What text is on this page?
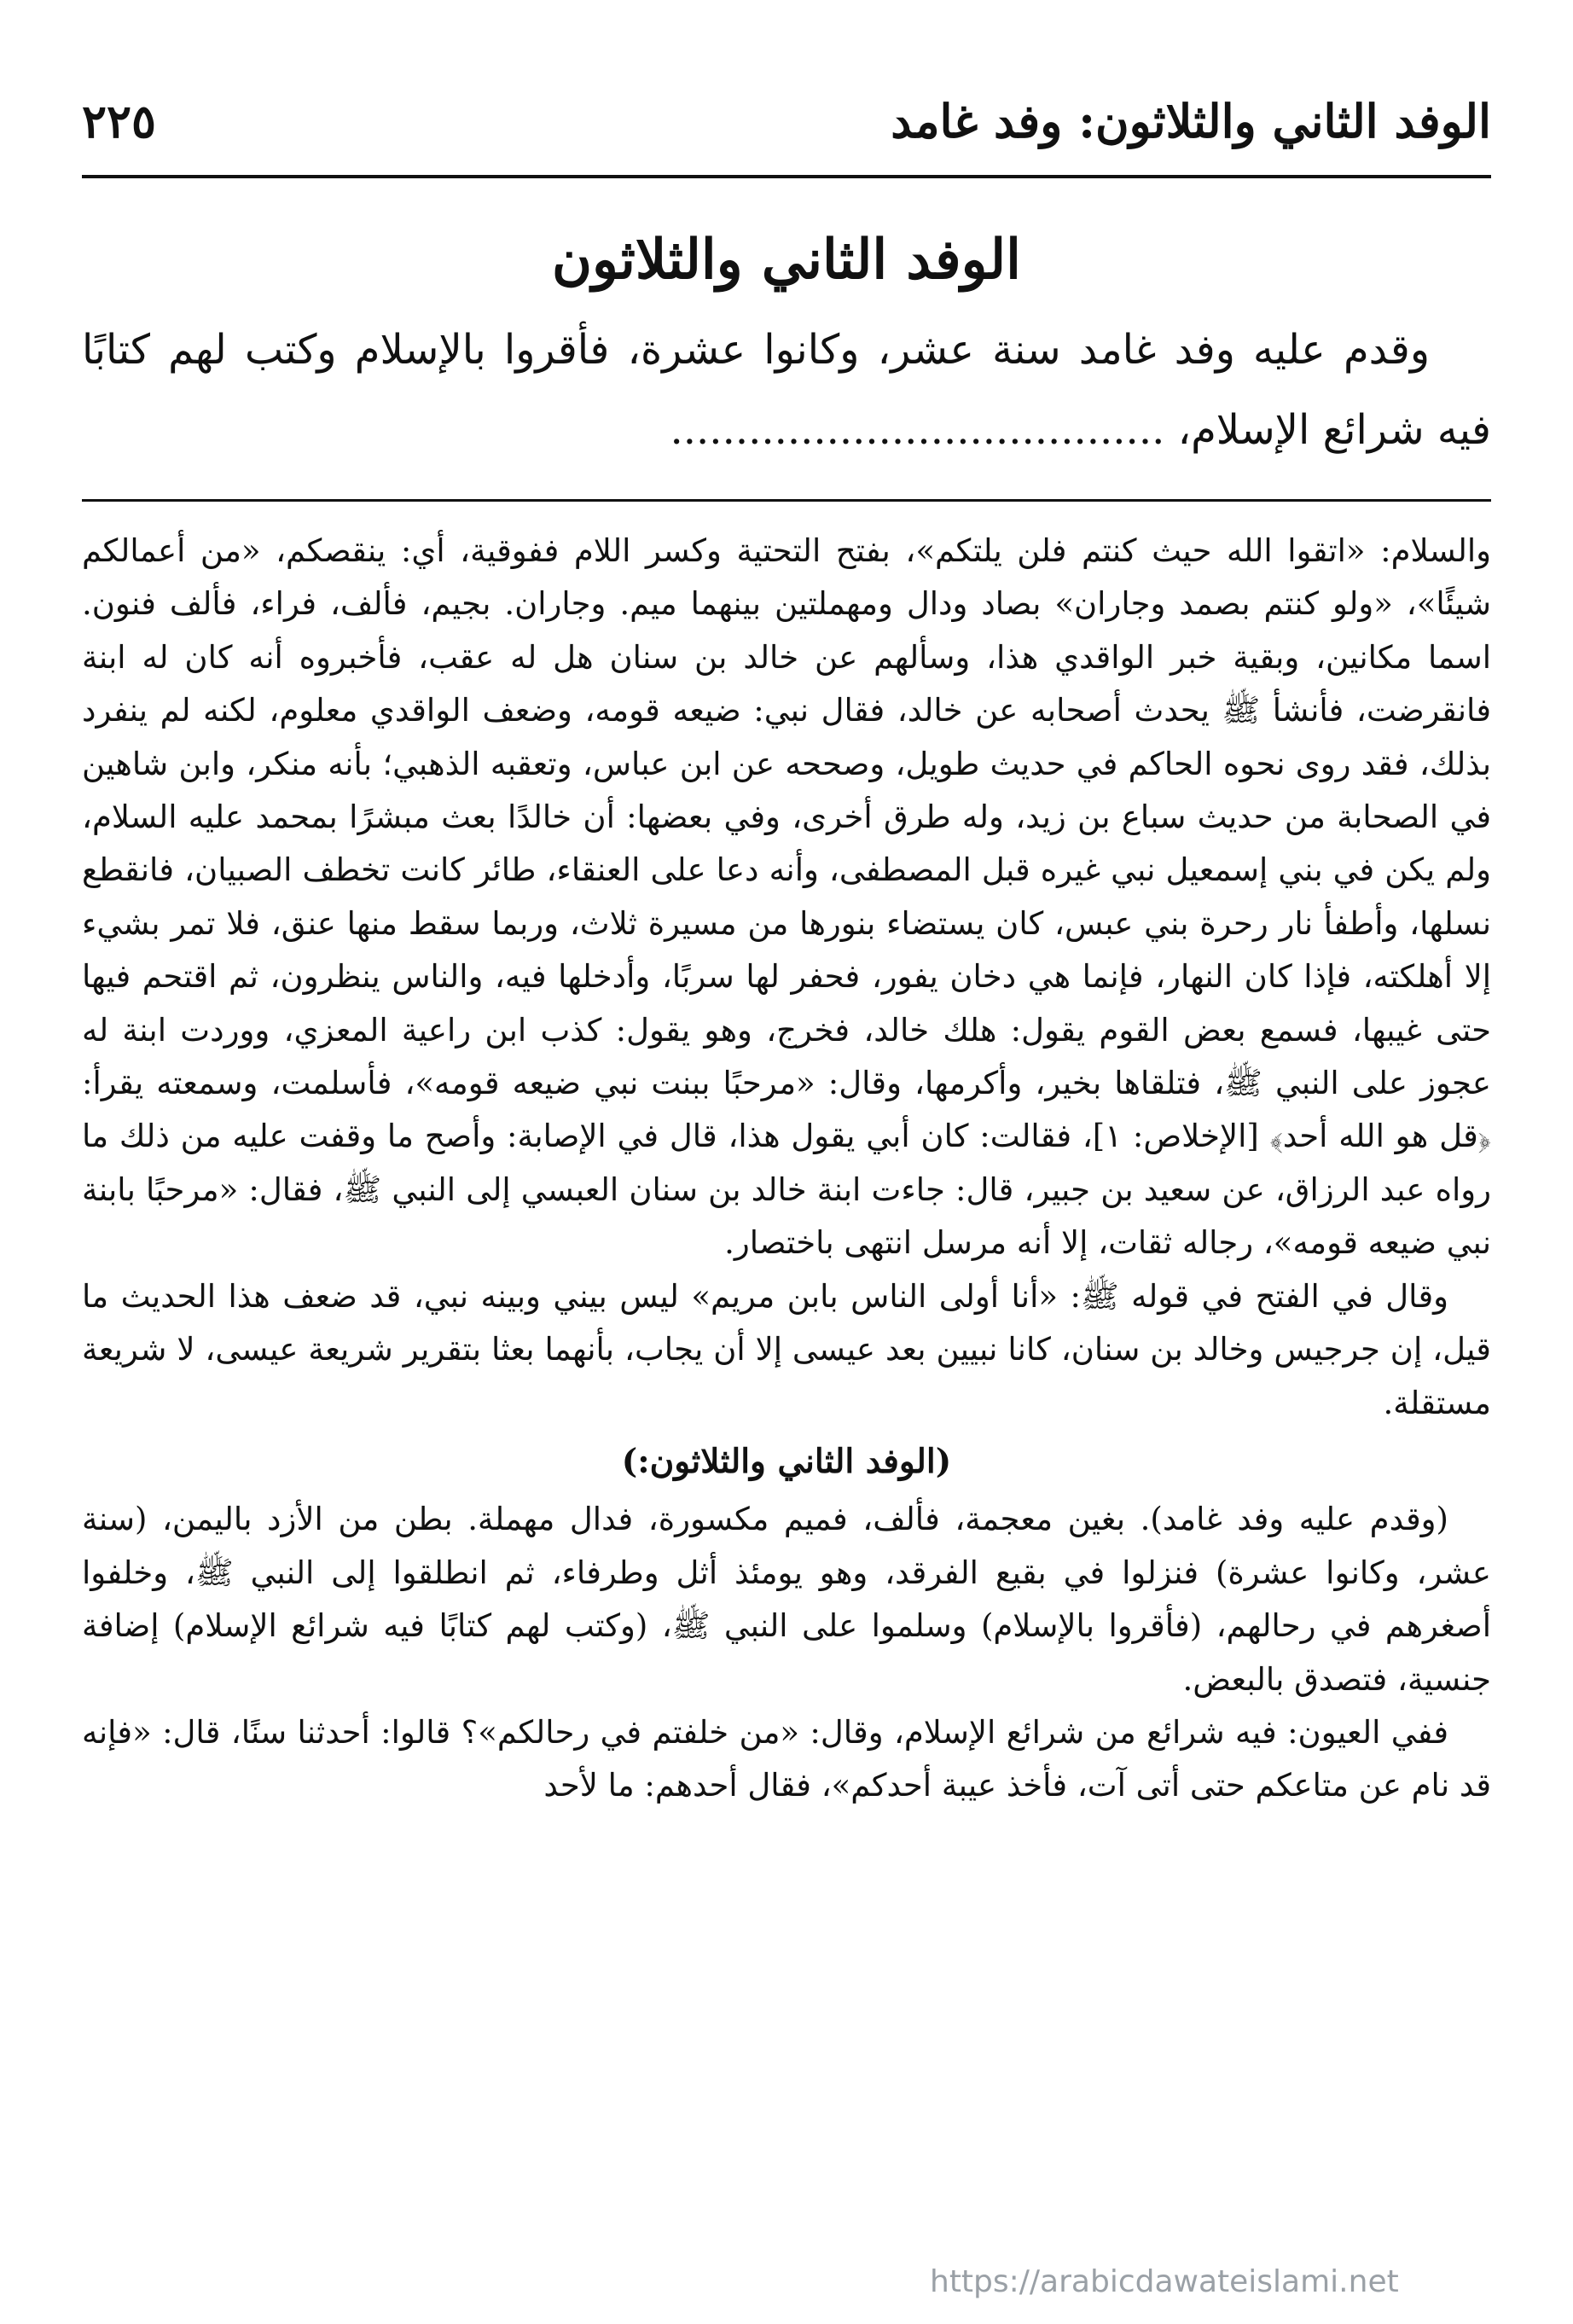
الوفد الثاني والثلاثون: وفد غامد
٢٢٥
الوفد الثاني والثلاثون

وقدم عليه وفد غامد سنة عشر، وكانوا عشرة، فأقروا بالإسلام وكتب لهم كتابًا فيه شرائع الإسلام، ......................................

والسلام: «اتقوا الله حيث كنتم فلن يلتكم»، بفتح التحتية وكسر اللام ففوقية، أي: ينقصكم، «من أعمالكم شيئًا»، «ولو كنتم بصمد وجاران» بصاد ودال ومهملتين بينهما ميم. وجاران. بجيم، فألف، فراء، فألف فنون. اسما مكانين، وبقية خبر الواقدي هذا، وسألهم عن خالد بن سنان هل له عقب، فأخبروه أنه كان له ابنة فانقرضت، فأنشأ ﷺ يحدث أصحابه عن خالد، فقال نبي: ضيعه قومه، وضعف الواقدي معلوم، لكنه لم ينفرد بذلك، فقد روى نحوه الحاكم في حديث طويل، وصححه عن ابن عباس، وتعقبه الذهبي؛ بأنه منكر، وابن شاهين في الصحابة من حديث سباع بن زيد، وله طرق أخرى، وفي بعضها: أن خالدًا بعث مبشرًا بمحمد عليه السلام، ولم يكن في بني إسمعيل نبي غيره قبل المصطفى، وأنه دعا على العنقاء، طائر كانت تخطف الصبيان، فانقطع نسلها، وأطفأ نار رحرة بني عبس، كان يستضاء بنورها من مسيرة ثلاث، وربما سقط منها عنق، فلا تمر بشيء إلا أهلكته، فإذا كان النهار، فإنما هي دخان يفور، فحفر لها سربًا، وأدخلها فيه، والناس ينظرون، ثم اقتحم فيها حتى غيبها، فسمع بعض القوم يقول: هلك خالد، فخرج، وهو يقول: كذب ابن راعية المعزي، ووردت ابنة له عجوز على النبي ﷺ، فتلقاها بخير، وأكرمها، وقال: «مرحبًا ببنت نبي ضيعه قومه»، فأسلمت، وسمعته يقرأ: ﴿قل هو الله أحد﴾ [الإخلاص: ١]، فقالت: كان أبي يقول هذا، قال في الإصابة: وأصح ما وقفت عليه من ذلك ما رواه عبد الرزاق، عن سعيد بن جبير، قال: جاءت ابنة خالد بن سنان العبسي إلى النبي ﷺ، فقال: «مرحبًا بابنة نبي ضيعه قومه»، رجاله ثقات، إلا أنه مرسل انتهى باختصار.

وقال في الفتح في قوله ﷺ: «أنا أولى الناس بابن مريم» ليس بيني وبينه نبي، قد ضعف هذا الحديث ما قيل، إن جرجيس وخالد بن سنان، كانا نبيين بعد عيسى إلا أن يجاب، بأنهما بعثا بتقرير شريعة عيسى، لا شريعة مستقلة.

(الوفد الثاني والثلاثون:)

(وقدم عليه وفد غامد). بغين معجمة، فألف، فميم مكسورة، فدال مهملة. بطن من الأزد باليمن، (سنة عشر، وكانوا عشرة) فنزلوا في بقيع الفرقد، وهو يومئذ أثل وطرفاء، ثم انطلقوا إلى النبي ﷺ، وخلفوا أصغرهم في رحالهم، (فأقروا بالإسلام) وسلموا على النبي ﷺ، (وكتب لهم كتابًا فيه شرائع الإسلام) إضافة جنسية، فتصدق بالبعض.

ففي العيون: فيه شرائع من شرائع الإسلام، وقال: «من خلفتم في رحالكم»؟ قالوا: أحدثنا سنًا، قال: «فإنه قد نام عن متاعكم حتى أتى آت، فأخذ عيبة أحدكم»، فقال أحدهم: ما لأحد

https://arabicdawateislami.net
